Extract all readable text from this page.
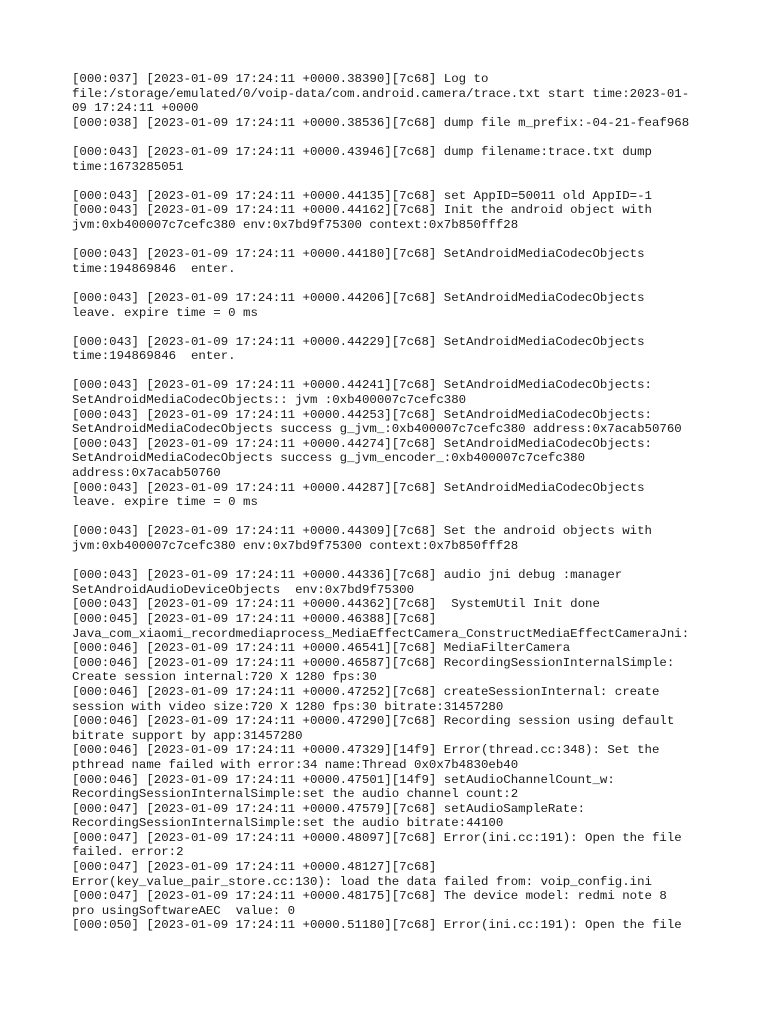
[000:037] [2023-01-09 17:24:11 +0000.38390][7c68] Log to
file:/storage/emulated/0/voip-data/com.android.camera/trace.txt start time:2023-01-
09 17:24:11 +0000
[000:038] [2023-01-09 17:24:11 +0000.38536][7c68] dump file m_prefix:-04-21-feaf968
[000:043] [2023-01-09 17:24:11 +0000.43946][7c68] dump filename:trace.txt dump
time:1673285051
[000:043] [2023-01-09 17:24:11 +0000.44135][7c68] set AppID=50011 old AppID=-1
[000:043] [2023-01-09 17:24:11 +0000.44162][7c68] Init the android object with
jvm:0xb400007c7cefc380 env:0x7bd9f75300 context:0x7b850fff28
[000:043] [2023-01-09 17:24:11 +0000.44180][7c68] SetAndroidMediaCodecObjects
time:194869846  enter.
[000:043] [2023-01-09 17:24:11 +0000.44206][7c68] SetAndroidMediaCodecObjects
leave. expire time = 0 ms
[000:043] [2023-01-09 17:24:11 +0000.44229][7c68] SetAndroidMediaCodecObjects
time:194869846  enter.
[000:043] [2023-01-09 17:24:11 +0000.44241][7c68] SetAndroidMediaCodecObjects:
SetAndroidMediaCodecObjects:: jvm :0xb400007c7cefc380
[000:043] [2023-01-09 17:24:11 +0000.44253][7c68] SetAndroidMediaCodecObjects:
SetAndroidMediaCodecObjects success g_jvm_:0xb400007c7cefc380 address:0x7acab50760
[000:043] [2023-01-09 17:24:11 +0000.44274][7c68] SetAndroidMediaCodecObjects:
SetAndroidMediaCodecObjects success g_jvm_encoder_:0xb400007c7cefc380
address:0x7acab50760
[000:043] [2023-01-09 17:24:11 +0000.44287][7c68] SetAndroidMediaCodecObjects
leave. expire time = 0 ms
[000:043] [2023-01-09 17:24:11 +0000.44309][7c68] Set the android objects with
jvm:0xb400007c7cefc380 env:0x7bd9f75300 context:0x7b850fff28
[000:043] [2023-01-09 17:24:11 +0000.44336][7c68] audio jni debug :manager
SetAndroidAudioDeviceObjects  env:0x7bd9f75300
[000:043] [2023-01-09 17:24:11 +0000.44362][7c68]  SystemUtil Init done
[000:045] [2023-01-09 17:24:11 +0000.46388][7c68]
Java_com_xiaomi_recordmediaprocess_MediaEffectCamera_ConstructMediaEffectCameraJni:
[000:046] [2023-01-09 17:24:11 +0000.46541][7c68] MediaFilterCamera
[000:046] [2023-01-09 17:24:11 +0000.46587][7c68] RecordingSessionInternalSimple:
Create session internal:720 X 1280 fps:30
[000:046] [2023-01-09 17:24:11 +0000.47252][7c68] createSessionInternal: create
session with video size:720 X 1280 fps:30 bitrate:31457280
[000:046] [2023-01-09 17:24:11 +0000.47290][7c68] Recording session using default
bitrate support by app:31457280
[000:046] [2023-01-09 17:24:11 +0000.47329][14f9] Error(thread.cc:348): Set the
pthread name failed with error:34 name:Thread 0x0x7b4830eb40
[000:046] [2023-01-09 17:24:11 +0000.47501][14f9] setAudioChannelCount_w:
RecordingSessionInternalSimple:set the audio channel count:2
[000:047] [2023-01-09 17:24:11 +0000.47579][7c68] setAudioSampleRate:
RecordingSessionInternalSimple:set the audio bitrate:44100
[000:047] [2023-01-09 17:24:11 +0000.48097][7c68] Error(ini.cc:191): Open the file
failed. error:2
[000:047] [2023-01-09 17:24:11 +0000.48127][7c68]
Error(key_value_pair_store.cc:130): load the data failed from: voip_config.ini
[000:047] [2023-01-09 17:24:11 +0000.48175][7c68] The device model: redmi note 8
pro usingSoftwareAEC  value: 0
[000:050] [2023-01-09 17:24:11 +0000.51180][7c68] Error(ini.cc:191): Open the file
